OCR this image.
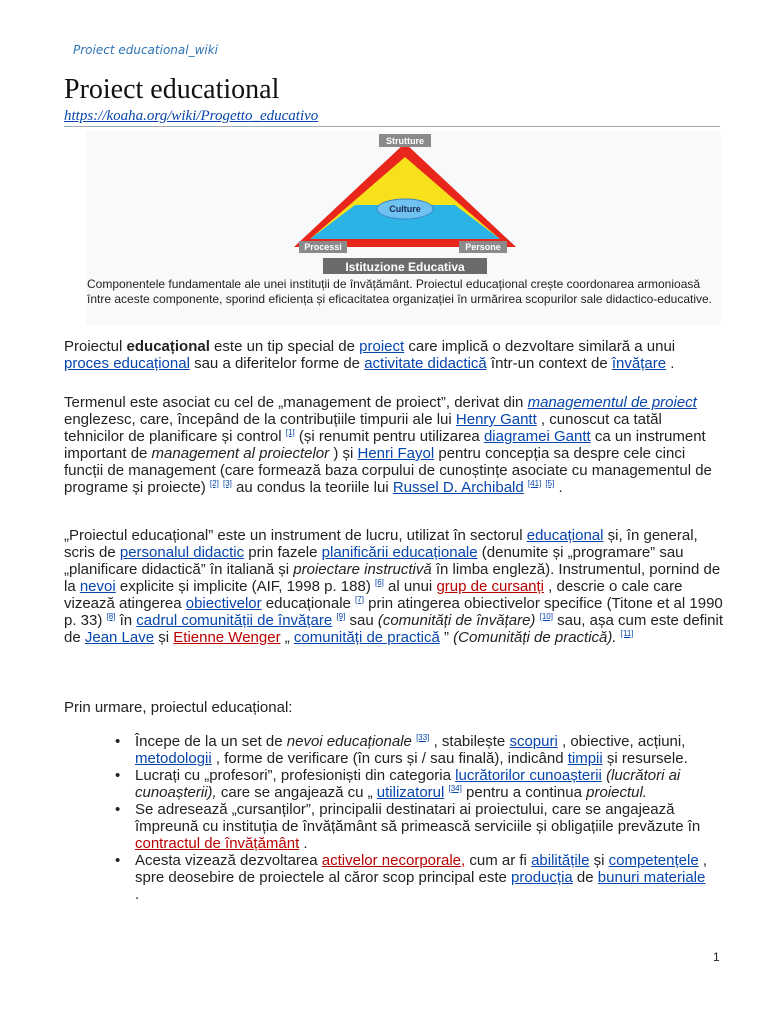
Proiect educational_wiki
Proiect educational
https://koaha.org/wiki/Progetto_educativo
Culture
Strutture
Processi	Persone
Istituzione Educativa
Componentele fundamentale ale unei instituții de învățământ. Proiectul educațional crește coordonarea armonioasă între aceste componente, sporind eficiența și eficacitatea organizației în urmărirea scopurilor sale didactico-educative.

Proiectul educațional este un tip special de proiect care implică o dezvoltare similară a unui proces educațional sau a diferitelor forme de activitate didactică într-un context de învățare .

Termenul este asociat cu cel de „management de proiect”, derivat din managementul de proiect englezesc, care, începând de la contribuțiile timpurii ale lui Henry Gantt , cunoscut ca tatăl tehnicilor de planificare și control [1] (și renumit pentru utilizarea diagramei Gantt ca un instrument important de management al proiectelor ) și Henri Fayol pentru concepția sa despre cele cinci funcții de management (care formează baza corpului de cunoștințe asociate cu managementul de programe și proiecte) [2] [3] au condus la teoriile lui Russel D. Archibald [41] [5] .

„Proiectul educațional” este un instrument de lucru, utilizat în sectorul educațional și, în general, scris de personalul didactic prin fazele planificării educaționale (denumite și „programare” sau „planificare didactică” în italiană și proiectare instructivă în limba engleză). Instrumentul, pornind de la nevoi explicite și implicite (AIF, 1998 p. 188) [6] al unui grup de cursanți , descrie o cale care vizează atingerea obiectivelor educaționale [7] prin atingerea obiectivelor specifice (Titone et al 1990 p. 33) [8] în cadrul comunității de învățare [9] sau (comunități de învățare) [10] sau, așa cum este definit de Jean Lave și Etienne Wenger „ comunități de practică ” (Comunități de practică). [11]

Prin urmare, proiectul educațional:

• Începe de la un set de nevoi educaționale [33] , stabilește scopuri , obiective, acțiuni, metodologii , forme de verificare (în curs și / sau finală), indicând timpii și resursele.
• Lucrați cu „profesori”, profesioniști din categoria lucrătorilor cunoașterii (lucrători ai cunoașterii), care se angajează cu „ utilizatorul [34] pentru a continua proiectul.
• Se adresează „cursanților”, principalii destinatari ai proiectului, care se angajează împreună cu instituția de învățământ să primească serviciile și obligațiile prevăzute în contractul de învățământ .
• Acesta vizează dezvoltarea activelor necorporale, cum ar fi abilitățile și competențele , spre deosebire de proiectele al căror scop principal este producția de bunuri materiale .
1
